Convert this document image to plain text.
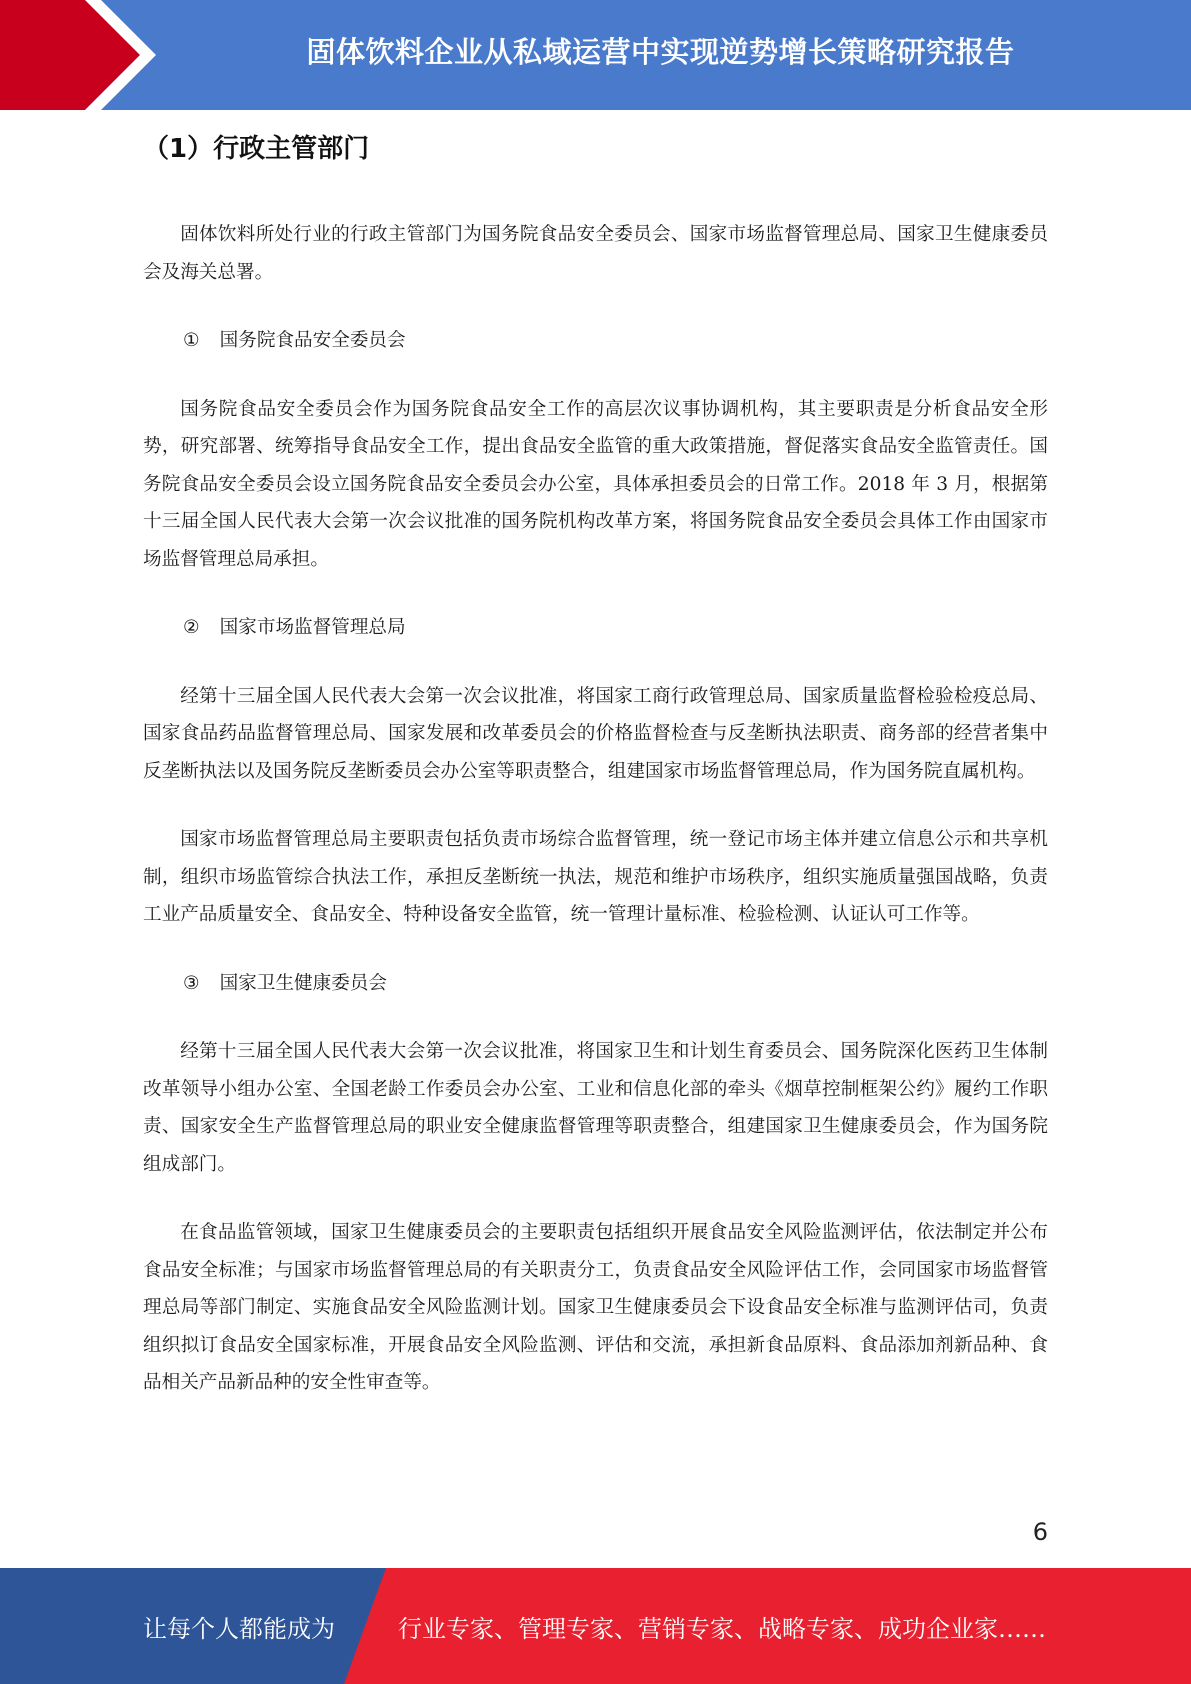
固体饮料企业从私域运营中实现逆势增长策略研究报告
（1）行政主管部门

固体饮料所处行业的行政主管部门为国务院食品安全委员会、国家市场监督管理总局、国家卫生健康委员会及海关总署。

① 国务院食品安全委员会

国务院食品安全委员会作为国务院食品安全工作的高层次议事协调机构，其主要职责是分析食品安全形势，研究部署、统筹指导食品安全工作，提出食品安全监管的重大政策措施，督促落实食品安全监管责任。国务院食品安全委员会设立国务院食品安全委员会办公室，具体承担委员会的日常工作。2018 年 3 月，根据第十三届全国人民代表大会第一次会议批准的国务院机构改革方案，将国务院食品安全委员会具体工作由国家市场监督管理总局承担。

② 国家市场监督管理总局

经第十三届全国人民代表大会第一次会议批准，将国家工商行政管理总局、国家质量监督检验检疫总局、国家食品药品监督管理总局、国家发展和改革委员会的价格监督检查与反垄断执法职责、商务部的经营者集中反垄断执法以及国务院反垄断委员会办公室等职责整合，组建国家市场监督管理总局，作为国务院直属机构。

国家市场监督管理总局主要职责包括负责市场综合监督管理，统一登记市场主体并建立信息公示和共享机制，组织市场监管综合执法工作，承担反垄断统一执法，规范和维护市场秩序，组织实施质量强国战略，负责工业产品质量安全、食品安全、特种设备安全监管，统一管理计量标准、检验检测、认证认可工作等。

③ 国家卫生健康委员会

经第十三届全国人民代表大会第一次会议批准，将国家卫生和计划生育委员会、国务院深化医药卫生体制改革领导小组办公室、全国老龄工作委员会办公室、工业和信息化部的牵头《烟草控制框架公约》履约工作职责、国家安全生产监督管理总局的职业安全健康监督管理等职责整合，组建国家卫生健康委员会，作为国务院组成部门。

在食品监管领域，国家卫生健康委员会的主要职责包括组织开展食品安全风险监测评估，依法制定并公布食品安全标准；与国家市场监督管理总局的有关职责分工，负责食品安全风险评估工作，会同国家市场监督管理总局等部门制定、实施食品安全风险监测计划。国家卫生健康委员会下设食品安全标准与监测评估司，负责组织拟订食品安全国家标准，开展食品安全风险监测、评估和交流，承担新食品原料、食品添加剂新品种、食品相关产品新品种的安全性审查等。

6
让每个人都能成为	行业专家、管理专家、营销专家、战略专家、成功企业家……
